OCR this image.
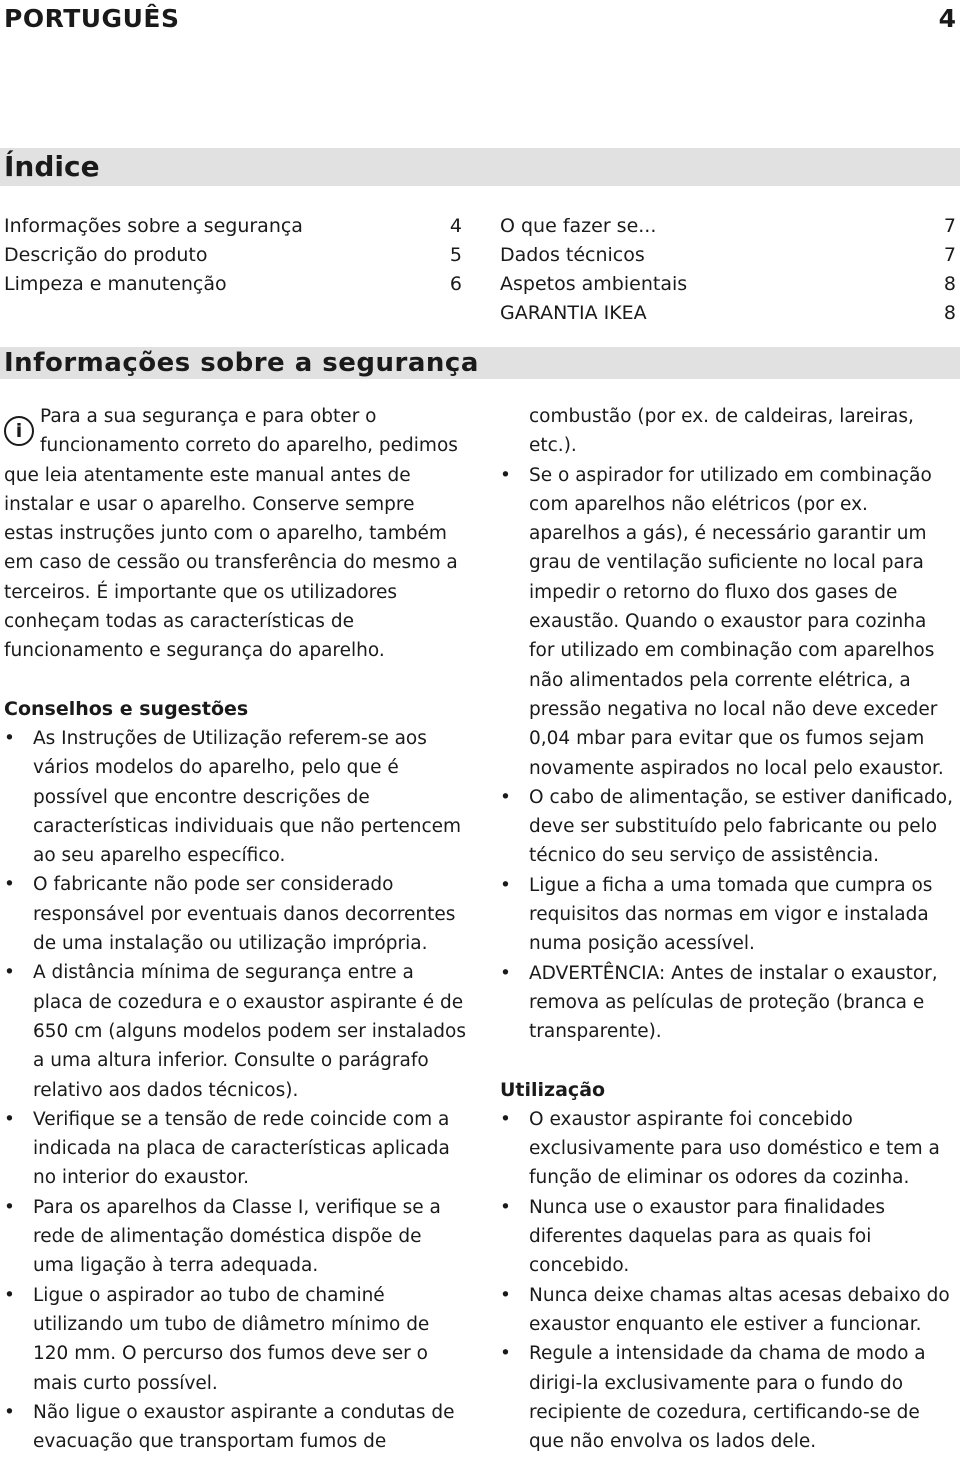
PORTUGUÊS	4
Índice
Informações sobre a segurança	4
Descrição do produto	5
Limpeza e manutenção	6
O que fazer se...	7
Dados técnicos	7
Aspetos ambientais	8
GARANTIA IKEA	8
Informações sobre a segurança
i

Para a sua segurança e para obter o funcionamento correto do aparelho, pedimos que leia atentamente este manual antes de instalar e usar o aparelho. Conserve sempre estas instruções junto com o aparelho, também em caso de cessão ou transferência do mesmo a terceiros. É importante que os utilizadores conheçam todas as características de funcionamento e segurança do aparelho.

Conselhos e sugestões
• As Instruções de Utilização referem-se aos vários modelos do aparelho, pelo que é possível que encontre descrições de características individuais que não pertencem ao seu aparelho específico.
• O fabricante não pode ser considerado responsável por eventuais danos decorrentes de uma instalação ou utilização imprópria.
• A distância mínima de segurança entre a placa de cozedura e o exaustor aspirante é de 650 cm (alguns modelos podem ser instalados a uma altura inferior. Consulte o parágrafo relativo aos dados técnicos).
• Verifique se a tensão de rede coincide com a indicada na placa de características aplicada no interior do exaustor.
• Para os aparelhos da Classe I, verifique se a rede de alimentação doméstica dispõe de uma ligação à terra adequada.
• Ligue o aspirador ao tubo de chaminé utilizando um tubo de diâmetro mínimo de 120 mm. O percurso dos fumos deve ser o mais curto possível.
• Não ligue o exaustor aspirante a condutas de evacuação que transportam fumos de
combustão (por ex. de caldeiras, lareiras, etc.).
• Se o aspirador for utilizado em combinação com aparelhos não elétricos (por ex. aparelhos a gás), é necessário garantir um grau de ventilação suficiente no local para impedir o retorno do fluxo dos gases de exaustão. Quando o exaustor para cozinha for utilizado em combinação com aparelhos não alimentados pela corrente elétrica, a pressão negativa no local não deve exceder 0,04 mbar para evitar que os fumos sejam novamente aspirados no local pelo exaustor.
• O cabo de alimentação, se estiver danificado, deve ser substituído pelo fabricante ou pelo técnico do seu serviço de assistência.
• Ligue a ficha a uma tomada que cumpra os requisitos das normas em vigor e instalada numa posição acessível.
• ADVERTÊNCIA: Antes de instalar o exaustor, remova as películas de proteção (branca e transparente).
Utilização
• O exaustor aspirante foi concebido exclusivamente para uso doméstico e tem a função de eliminar os odores da cozinha.
• Nunca use o exaustor para finalidades diferentes daquelas para as quais foi concebido.
• Nunca deixe chamas altas acesas debaixo do exaustor enquanto ele estiver a funcionar.
• Regule a intensidade da chama de modo a dirigi-la exclusivamente para o fundo do recipiente de cozedura, certificando-se de que não envolva os lados dele.
